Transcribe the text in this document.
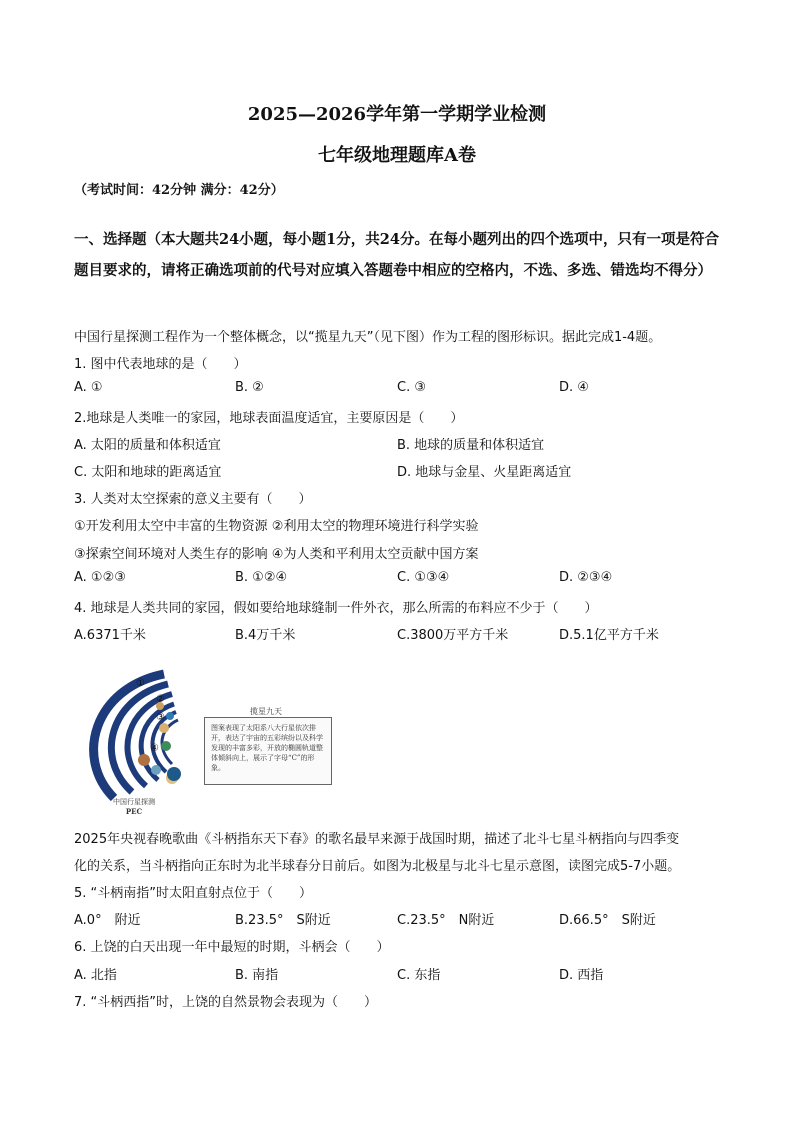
2025—2026学年第一学期学业检测
七年级地理题库A卷
（考试时间：42分钟 满分：42分）
一、选择题（本大题共24小题，每小题1分，共24分。在每小题列出的四个选项中，只有一项是符合题目要求的，请将正确选项前的代号对应填入答题卷中相应的空格内，不选、多选、错选均不得分）
中国行星探测工程作为一个整体概念，以“揽星九天”（见下图）作为工程的图形标识。据此完成1-4题。
1. 图中代表地球的是（　　）
A. ①	B. ②	C. ③	D. ④
2.地球是人类唯一的家园，地球表面温度适宜，主要原因是（　　）
A. 太阳的质量和体积适宜	B. 地球的质量和体积适宜
C. 太阳和地球的距离适宜	D. 地球与金星、火星距离适宜
3. 人类对太空探索的意义主要有（　　）
①开发利用太空中丰富的生物资源 ②利用太空的物理环境进行科学实验
③探索空间环境对人类生存的影响 ④为人类和平利用太空贡献中国方案
A. ①②③	B. ①②④	C. ①③④	D. ②③④
4. 地球是人类共同的家园，假如要给地球缝制一件外衣，那么所需的布料应不少于（　　）
A.6371千米	B.4万千米	C.3800万平方千米	D.5.1亿平方千米
①
②
③
④
揽星九天
图案表现了太阳系八大行星依次排开，表达了宇宙的五彩缤纷以及科学发现的丰富多彩，开放的椭圆轨道整体倾斜向上，展示了字母“C”的形象。
中国行星探测
PEC
2025年央视春晚歌曲《斗柄指东天下春》的歌名最早来源于战国时期，描述了北斗七星斗柄指向与四季变
化的关系，当斗柄指向正东时为北半球春分日前后。如图为北极星与北斗七星示意图，读图完成5-7小题。
5. “斗柄南指”时太阳直射点位于（　　）
A.0°　附近	B.23.5°　S附近	C.23.5°　N附近	D.66.5°　S附近
6. 上饶的白天出现一年中最短的时期，斗柄会（　　）
A. 北指	B. 南指	C. 东指	D. 西指
7. “斗柄西指”时，上饶的自然景物会表现为（　　）
